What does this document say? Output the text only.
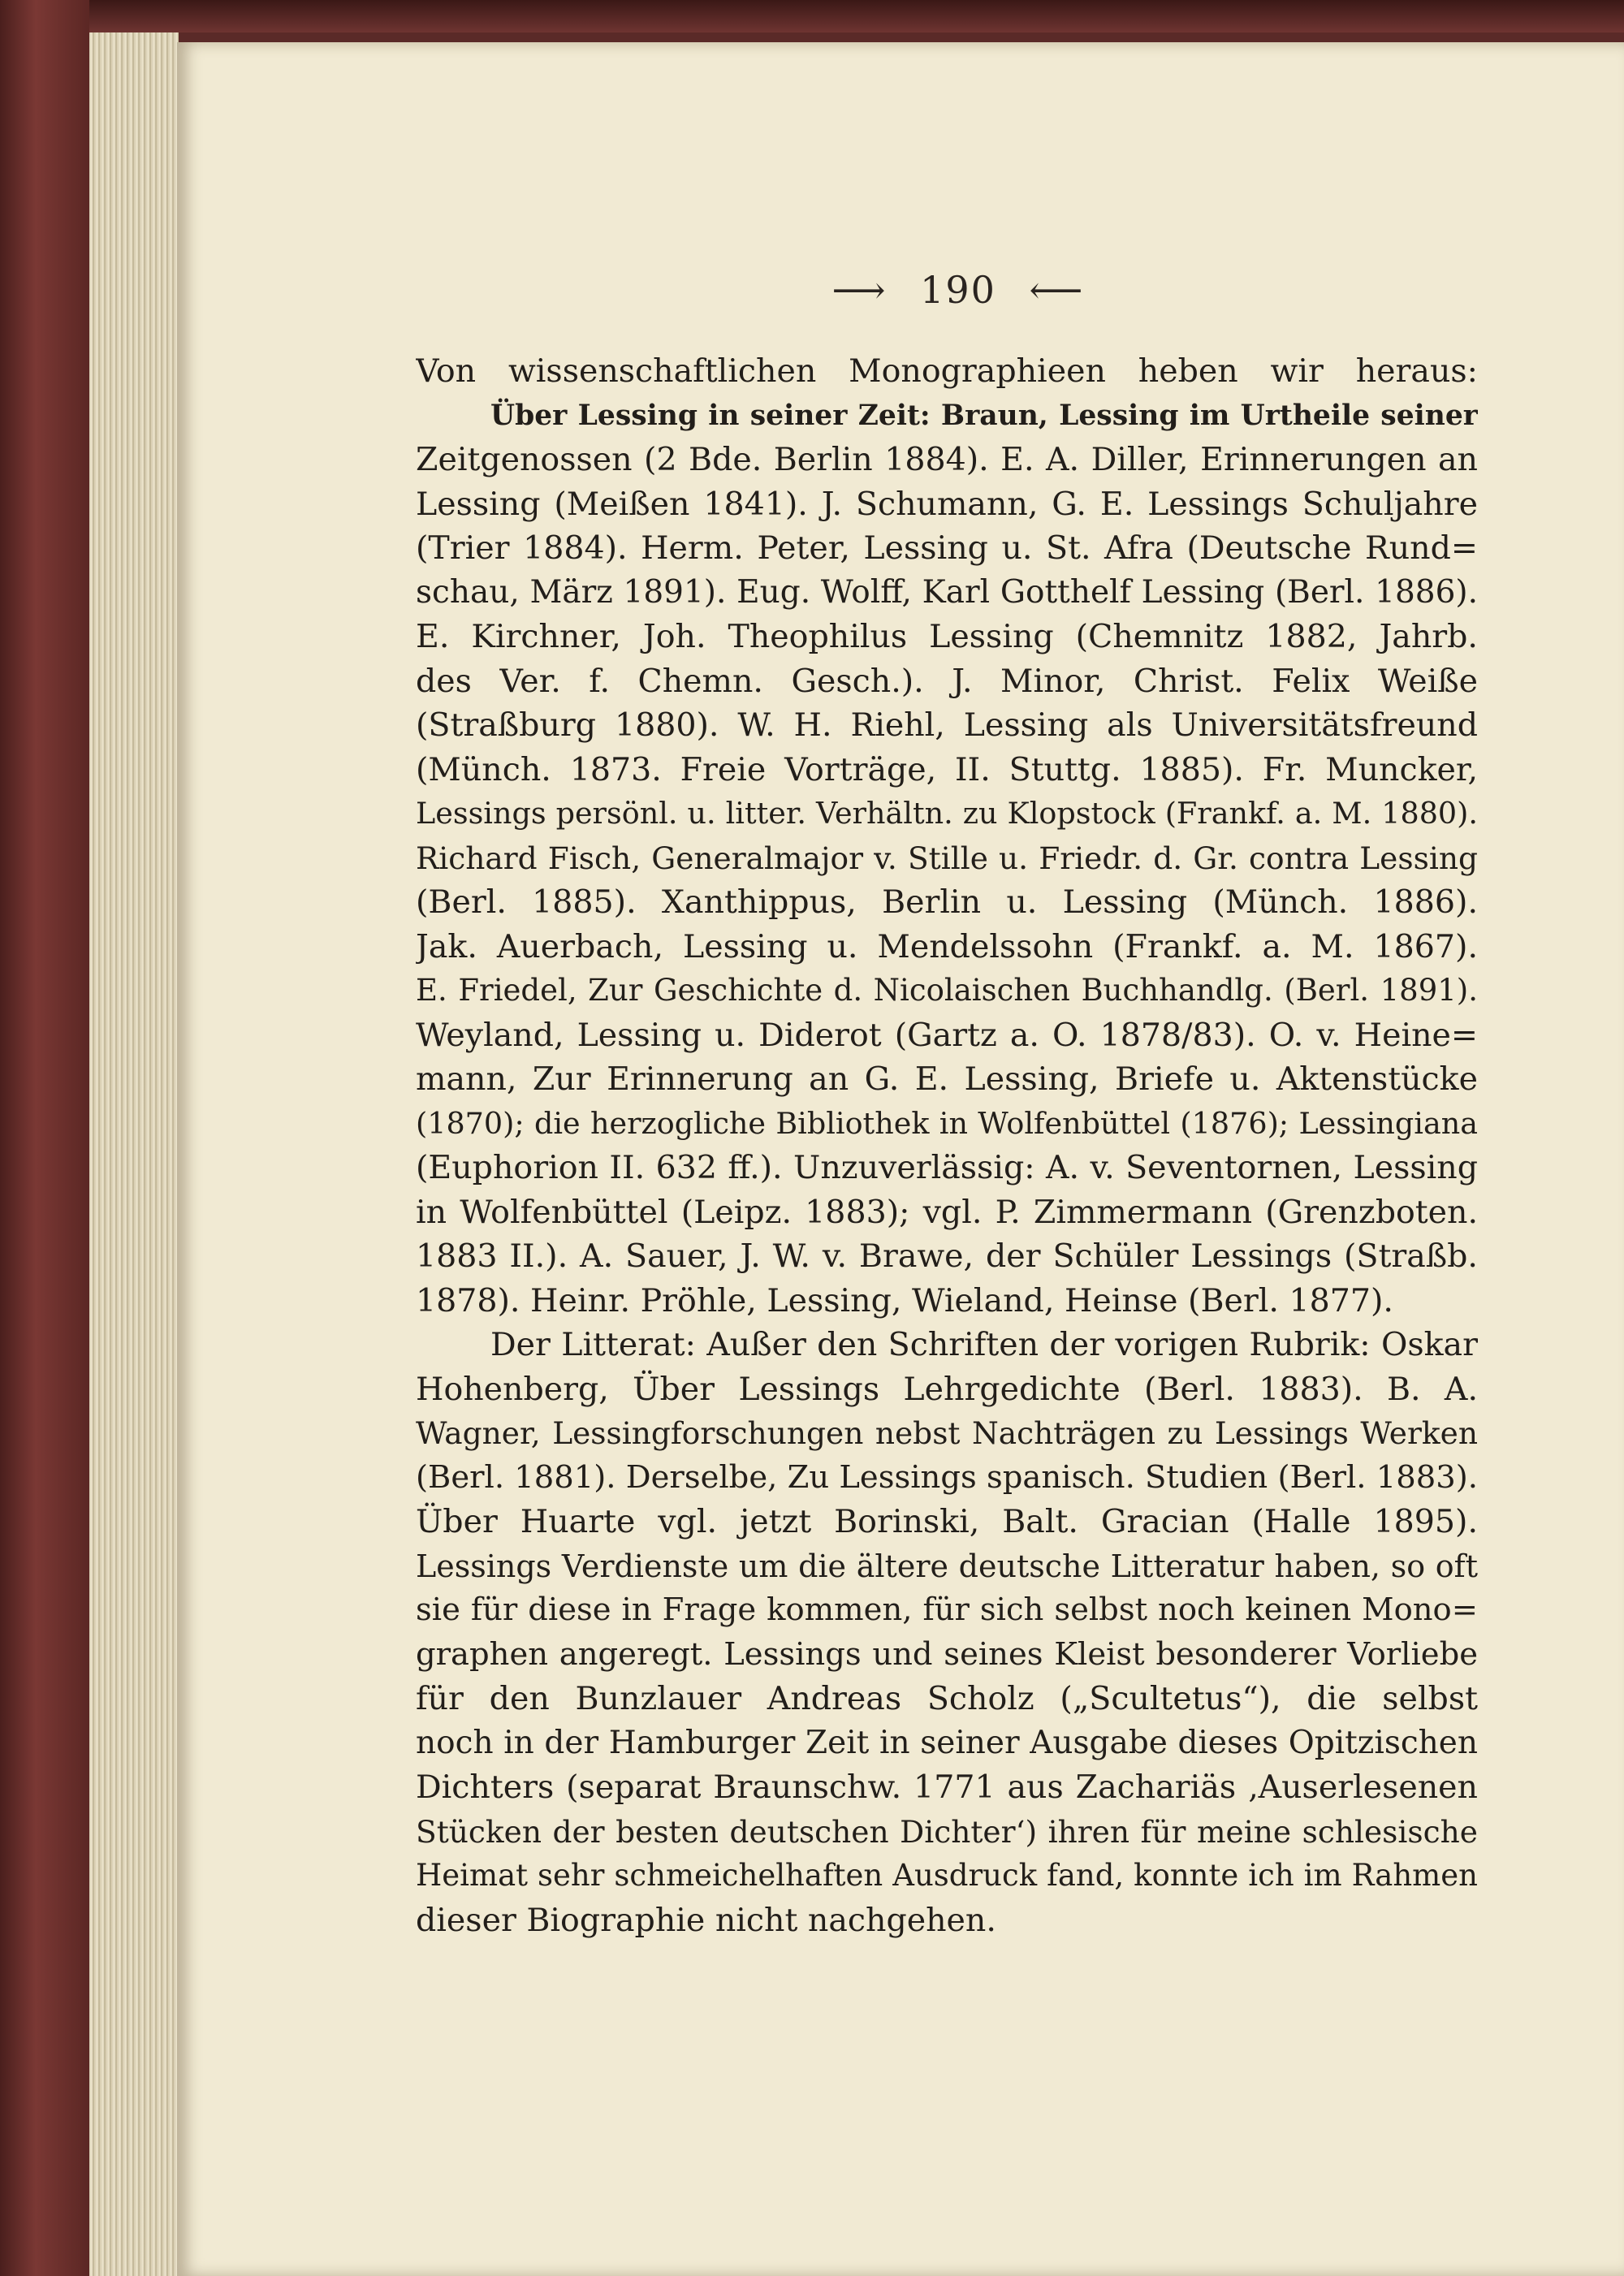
⟶ 190 ⟵
Von wissenschaftlichen Monographieen heben wir heraus:
Über Lessing in seiner Zeit: Braun, Lessing im Urtheile seiner
Zeitgenossen (2 Bde. Berlin 1884). E. A. Diller, Erinnerungen an
Lessing (Meißen 1841). J. Schumann, G. E. Lessings Schuljahre
(Trier 1884). Herm. Peter, Lessing u. St. Afra (Deutsche Rund=
schau, März 1891). Eug. Wolff, Karl Gotthelf Lessing (Berl. 1886).
E. Kirchner, Joh. Theophilus Lessing (Chemnitz 1882, Jahrb.
des Ver. f. Chemn. Gesch.). J. Minor, Christ. Felix Weiße
(Straßburg 1880). W. H. Riehl, Lessing als Universitätsfreund
(Münch. 1873. Freie Vorträge, II. Stuttg. 1885). Fr. Muncker,
Lessings persönl. u. litter. Verhältn. zu Klopstock (Frankf. a. M. 1880).
Richard Fisch, Generalmajor v. Stille u. Friedr. d. Gr. contra Lessing
(Berl. 1885). Xanthippus, Berlin u. Lessing (Münch. 1886).
Jak. Auerbach, Lessing u. Mendelssohn (Frankf. a. M. 1867).
E. Friedel, Zur Geschichte d. Nicolaischen Buchhandlg. (Berl. 1891).
Weyland, Lessing u. Diderot (Gartz a. O. 1878/83). O. v. Heine=
mann, Zur Erinnerung an G. E. Lessing, Briefe u. Aktenstücke
(1870); die herzogliche Bibliothek in Wolfenbüttel (1876); Lessingiana
(Euphorion II. 632 ff.). Unzuverlässig: A. v. Seventornen, Lessing
in Wolfenbüttel (Leipz. 1883); vgl. P. Zimmermann (Grenzboten.
1883 II.). A. Sauer, J. W. v. Brawe, der Schüler Lessings (Straßb.
1878). Heinr. Pröhle, Lessing, Wieland, Heinse (Berl. 1877).
Der Litterat: Außer den Schriften der vorigen Rubrik: Oskar
Hohenberg, Über Lessings Lehrgedichte (Berl. 1883). B. A.
Wagner, Lessingforschungen nebst Nachträgen zu Lessings Werken
(Berl. 1881). Derselbe, Zu Lessings spanisch. Studien (Berl. 1883).
Über Huarte vgl. jetzt Borinski, Balt. Gracian (Halle 1895).
Lessings Verdienste um die ältere deutsche Litteratur haben, so oft
sie für diese in Frage kommen, für sich selbst noch keinen Mono=
graphen angeregt. Lessings und seines Kleist besonderer Vorliebe
für den Bunzlauer Andreas Scholz („Scultetus“), die selbst
noch in der Hamburger Zeit in seiner Ausgabe dieses Opitzischen
Dichters (separat Braunschw. 1771 aus Zachariäs ‚Auserlesenen
Stücken der besten deutschen Dichter‘) ihren für meine schlesische
Heimat sehr schmeichelhaften Ausdruck fand, konnte ich im Rahmen
dieser Biographie nicht nachgehen.
